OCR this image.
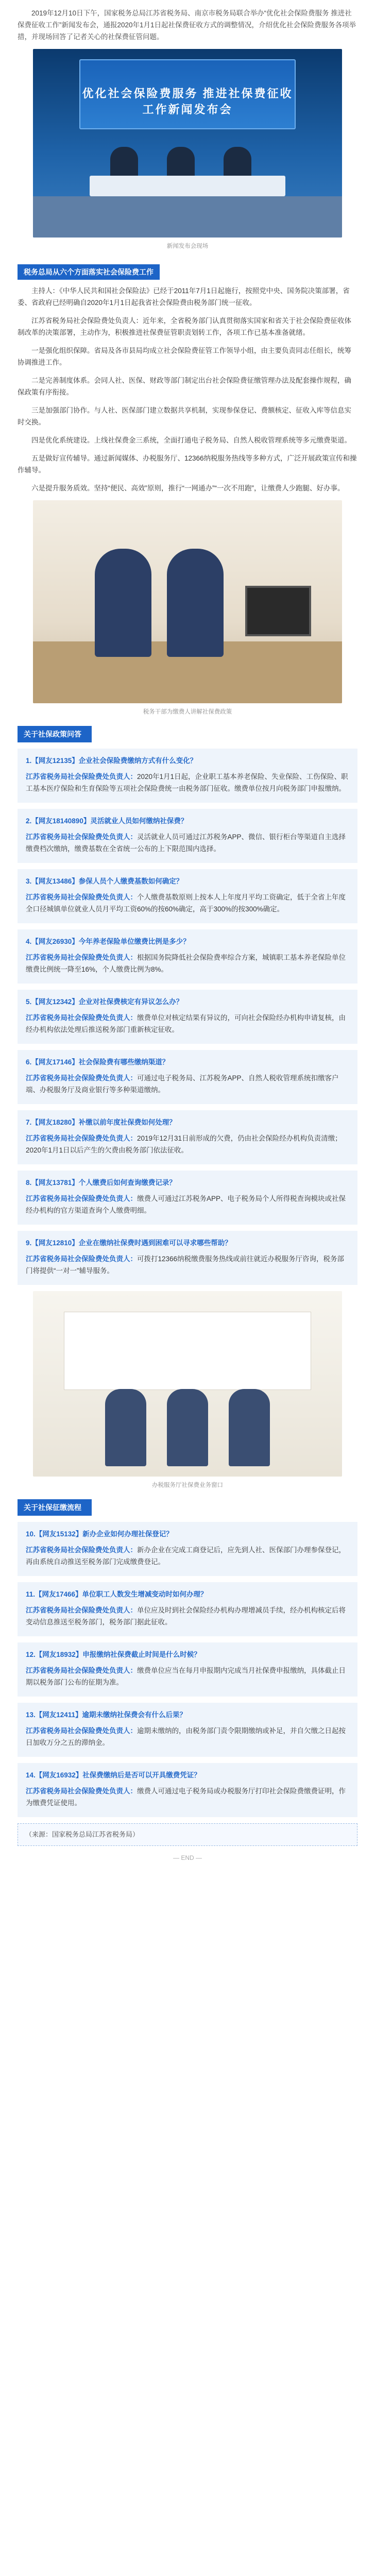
2019年12月10日下午，国家税务总局江苏省税务局、南京市税务局联合举办“优化社会保险费服务 推进社保费征收工作”新闻发布会，通报2020年1月1日起社保费征收方式的调整情况，介绍优化社会保险费服务各项举措，并现场回答了记者关心的社保费征管问题。

优化社会保险费服务 推进社保费征收工作新闻发布会
新闻发布会现场
税务总局从六个方面落实社会保险费工作

主持人：《中华人民共和国社会保险法》已经于2011年7月1日起施行，按照党中央、国务院决策部署，省委、省政府已经明确自2020年1月1日起我省社会保险费由税务部门统一征收。

江苏省税务局社会保险费处负责人：近年来，全省税务部门认真贯彻落实国家和省关于社会保险费征收体制改革的决策部署，主动作为，积极推进社保费征管职责划转工作，各项工作已基本准备就绪。

一是强化组织保障。省局及各市县局均成立社会保险费征管工作领导小组，由主要负责同志任组长，统筹协调推进工作。

二是完善制度体系。会同人社、医保、财政等部门制定出台社会保险费征缴管理办法及配套操作规程，确保政策有序衔接。

三是加强部门协作。与人社、医保部门建立数据共享机制，实现参保登记、费额核定、征收入库等信息实时交换。

四是优化系统建设。上线社保费金三系统，全面打通电子税务局、自然人税收管理系统等多元缴费渠道。

五是做好宣传辅导。通过新闻媒体、办税服务厅、12366纳税服务热线等多种方式，广泛开展政策宣传和操作辅导。

六是提升服务质效。坚持“便民、高效”原则，推行“一网通办”“一次不用跑”，让缴费人少跑腿、好办事。

税务干部为缴费人讲解社保费政策
关于社保政策问答
1.【网友12135】企业社会保险费缴纳方式有什么变化？
江苏省税务局社会保险费处负责人：2020年1月1日起，企业职工基本养老保险、失业保险、工伤保险、职工基本医疗保险和生育保险等五项社会保险费统一由税务部门征收。缴费单位按月向税务部门申报缴纳。
2.【网友18140890】灵活就业人员如何缴纳社保费？
江苏省税务局社会保险费处负责人：灵活就业人员可通过江苏税务APP、微信、银行柜台等渠道自主选择缴费档次缴纳，缴费基数在全省统一公布的上下限范围内选择。
3.【网友13486】参保人员个人缴费基数如何确定？
江苏省税务局社会保险费处负责人：个人缴费基数原则上按本人上年度月平均工资确定，低于全省上年度全口径城镇单位就业人员月平均工资60%的按60%确定，高于300%的按300%确定。
4.【网友26930】今年养老保险单位缴费比例是多少？
江苏省税务局社会保险费处负责人：根据国务院降低社会保险费率综合方案，城镇职工基本养老保险单位缴费比例统一降至16%，个人缴费比例为8%。
5.【网友12342】企业对社保费核定有异议怎么办？
江苏省税务局社会保险费处负责人：缴费单位对核定结果有异议的，可向社会保险经办机构申请复核，由经办机构依法处理后推送税务部门重新核定征收。
6.【网友17146】社会保险费有哪些缴纳渠道？
江苏省税务局社会保险费处负责人：可通过电子税务局、江苏税务APP、自然人税收管理系统扣缴客户端、办税服务厅及商业银行等多种渠道缴纳。
7.【网友18280】补缴以前年度社保费如何处理？
江苏省税务局社会保险费处负责人：2019年12月31日前形成的欠费，仍由社会保险经办机构负责清缴；2020年1月1日以后产生的欠费由税务部门依法征收。
8.【网友13781】个人缴费后如何查询缴费记录？
江苏省税务局社会保险费处负责人：缴费人可通过江苏税务APP、电子税务局个人所得税查询模块或社保经办机构的官方渠道查询个人缴费明细。
9.【网友12810】企业在缴纳社保费时遇到困难可以寻求哪些帮助？
江苏省税务局社会保险费处负责人：可拨打12366纳税缴费服务热线或前往就近办税服务厅咨询，税务部门将提供“一对一”辅导服务。
办税服务厅社保费业务窗口
关于社保征缴流程
10.【网友15132】新办企业如何办理社保登记？
江苏省税务局社会保险费处负责人：新办企业在完成工商登记后，应先到人社、医保部门办理参保登记，再由系统自动推送至税务部门完成缴费登记。
11.【网友17466】单位职工人数发生增减变动时如何办理？
江苏省税务局社会保险费处负责人：单位应及时到社会保险经办机构办理增减员手续，经办机构核定后将变动信息推送至税务部门，税务部门据此征收。
12.【网友18932】申报缴纳社保费截止时间是什么时候？
江苏省税务局社会保险费处负责人：缴费单位应当在每月申报期内完成当月社保费申报缴纳，具体截止日期以税务部门公布的征期为准。
13.【网友12411】逾期未缴纳社保费会有什么后果？
江苏省税务局社会保险费处负责人：逾期未缴纳的，由税务部门责令限期缴纳或补足，并自欠缴之日起按日加收万分之五的滞纳金。
14.【网友16932】社保费缴纳后是否可以开具缴费凭证？
江苏省税务局社会保险费处负责人：缴费人可通过电子税务局或办税服务厅打印社会保险费缴费证明，作为缴费凭证使用。
（来源：国家税务总局江苏省税务局）
— END —
